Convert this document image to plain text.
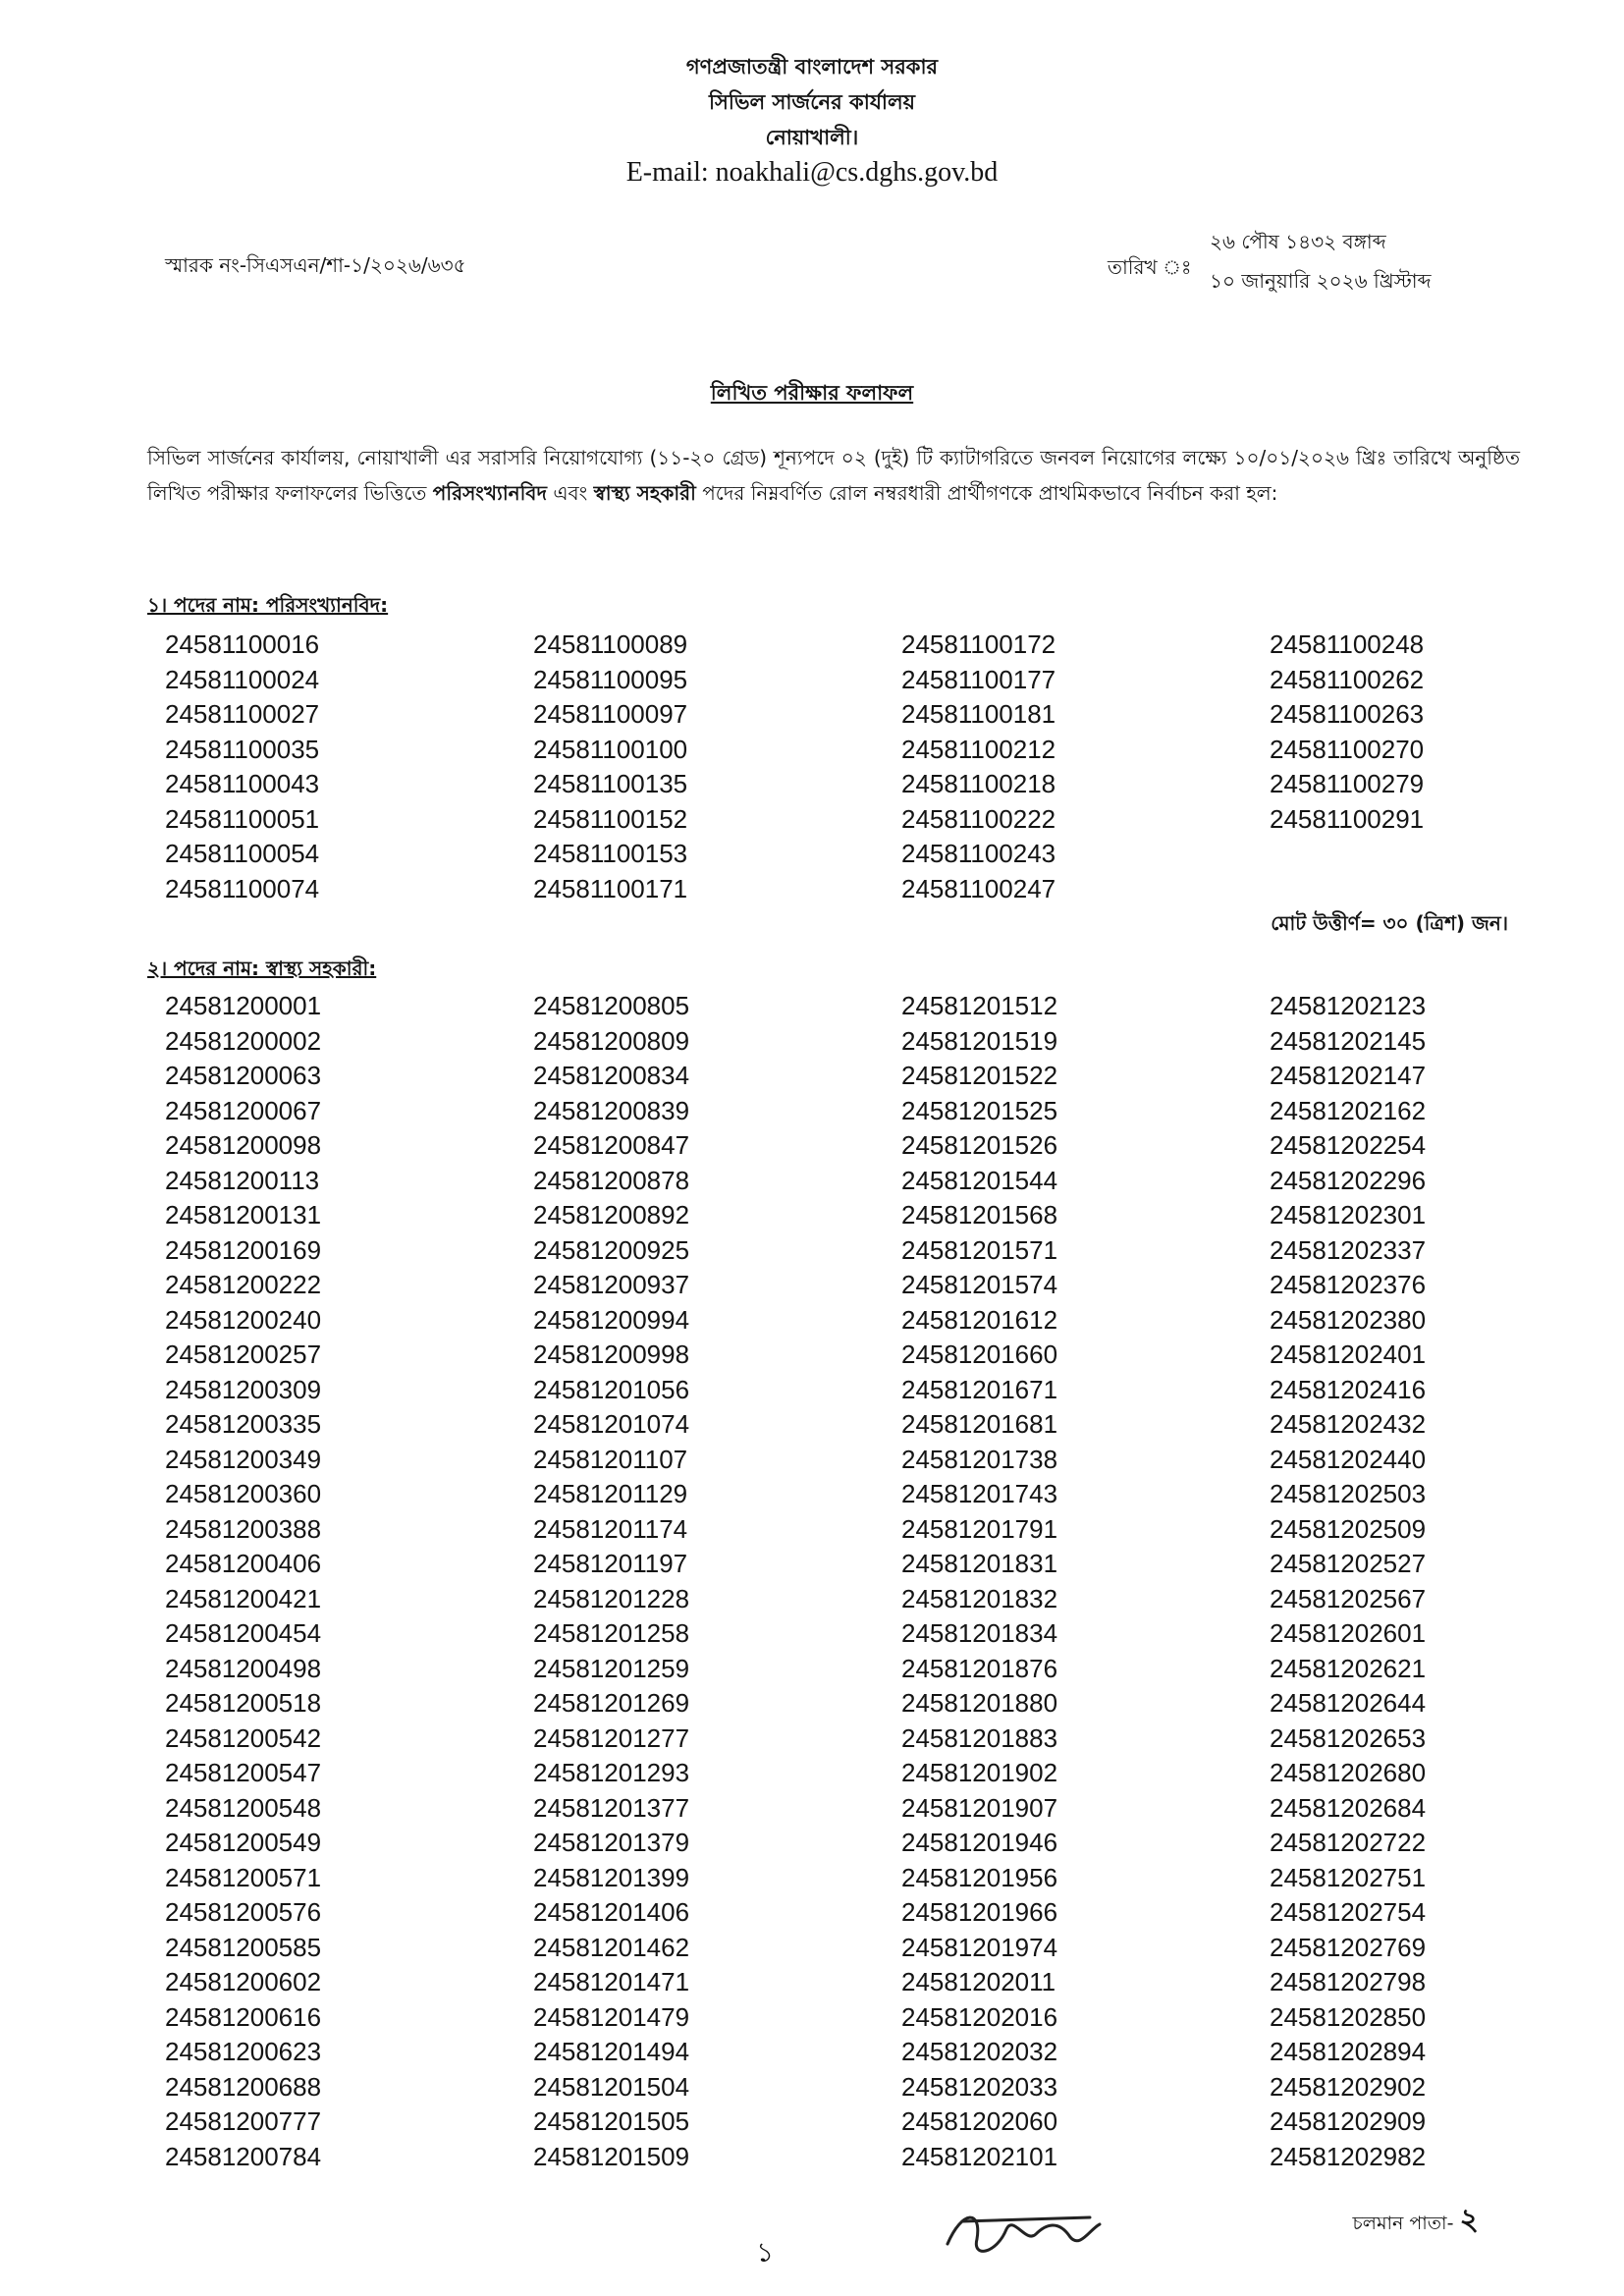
গণপ্রজাতন্ত্রী বাংলাদেশ সরকার
সিভিল সার্জনের কার্যালয়
নোয়াখালী।
E-mail: noakhali@cs.dghs.gov.bd
স্মারক নং-সিএসএন/শা-১/২০২৬/৬৩৫	তারিখ ঃ
২৬ পৌষ ১৪৩২ বঙ্গাব্দ
১০ জানুয়ারি ২০২৬ খ্রিস্টাব্দ
লিখিত পরীক্ষার ফলাফল
সিভিল সার্জনের কার্যালয়, নোয়াখালী এর সরাসরি নিয়োগযোগ্য (১১-২০ গ্রেড) শূন্যপদে ০২ (দুই) টি ক্যাটাগরিতে জনবল নিয়োগের লক্ষ্যে ১০/০১/২০২৬ খ্রিঃ তারিখে অনুষ্ঠিত লিখিত পরীক্ষার ফলাফলের ভিত্তিতে পরিসংখ্যানবিদ এবং স্বাস্থ্য সহকারী পদের নিম্নবর্ণিত রোল নম্বরধারী প্রার্থীগণকে প্রাথমিকভাবে নির্বাচন করা হল:
১। পদের নাম: পরিসংখ্যানবিদ:
24581100016
24581100024
24581100027
24581100035
24581100043
24581100051
24581100054
24581100074
24581100089
24581100095
24581100097
24581100100
24581100135
24581100152
24581100153
24581100171
24581100172
24581100177
24581100181
24581100212
24581100218
24581100222
24581100243
24581100247
24581100248
24581100262
24581100263
24581100270
24581100279
24581100291
মোট উত্তীর্ণ= ৩০ (ত্রিশ) জন।
২। পদের নাম: স্বাস্থ্য সহকারী:
24581200001
24581200002
24581200063
24581200067
24581200098
24581200113
24581200131
24581200169
24581200222
24581200240
24581200257
24581200309
24581200335
24581200349
24581200360
24581200388
24581200406
24581200421
24581200454
24581200498
24581200518
24581200542
24581200547
24581200548
24581200549
24581200571
24581200576
24581200585
24581200602
24581200616
24581200623
24581200688
24581200777
24581200784
24581200805
24581200809
24581200834
24581200839
24581200847
24581200878
24581200892
24581200925
24581200937
24581200994
24581200998
24581201056
24581201074
24581201107
24581201129
24581201174
24581201197
24581201228
24581201258
24581201259
24581201269
24581201277
24581201293
24581201377
24581201379
24581201399
24581201406
24581201462
24581201471
24581201479
24581201494
24581201504
24581201505
24581201509
24581201512
24581201519
24581201522
24581201525
24581201526
24581201544
24581201568
24581201571
24581201574
24581201612
24581201660
24581201671
24581201681
24581201738
24581201743
24581201791
24581201831
24581201832
24581201834
24581201876
24581201880
24581201883
24581201902
24581201907
24581201946
24581201956
24581201966
24581201974
24581202011
24581202016
24581202032
24581202033
24581202060
24581202101
24581202123
24581202145
24581202147
24581202162
24581202254
24581202296
24581202301
24581202337
24581202376
24581202380
24581202401
24581202416
24581202432
24581202440
24581202503
24581202509
24581202527
24581202567
24581202601
24581202621
24581202644
24581202653
24581202680
24581202684
24581202722
24581202751
24581202754
24581202769
24581202798
24581202850
24581202894
24581202902
24581202909
24581202982
চলমান পাতা- ২
১
